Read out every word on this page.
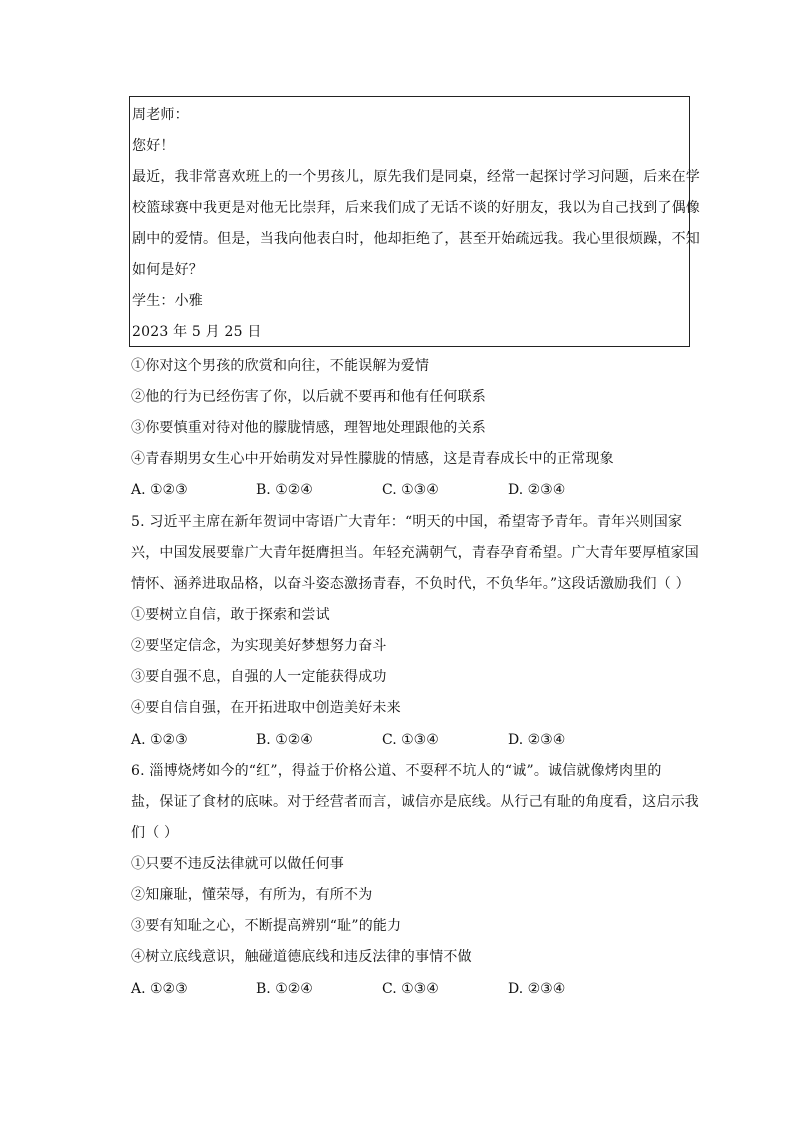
周老师：
您好！
最近，我非常喜欢班上的一个男孩儿，原先我们是同桌，经常一起探讨学习问题，后来在学
校篮球赛中我更是对他无比崇拜，后来我们成了无话不谈的好朋友，我以为自己找到了偶像
剧中的爱情。但是，当我向他表白时，他却拒绝了，甚至开始疏远我。我心里很烦躁，不知
如何是好？
学生：小雅
2023 年 5 月 25 日
①你对这个男孩的欣赏和向往，不能误解为爱情
②他的行为已经伤害了你，以后就不要再和他有任何联系
③你要慎重对待对他的朦胧情感，理智地处理跟他的关系
④青春期男女生心中开始萌发对异性朦胧的情感，这是青春成长中的正常现象
A. ①②③	B. ①②④	C. ①③④	D. ②③④
5. 习近平主席在新年贺词中寄语广大青年：“明天的中国，希望寄予青年。青年兴则国家
兴，中国发展要靠广大青年挺膺担当。年轻充满朝气，青春孕育希望。广大青年要厚植家国
情怀、涵养进取品格，以奋斗姿态激扬青春，不负时代，不负华年。”这段话激励我们（ ）
①要树立自信，敢于探索和尝试
②要坚定信念，为实现美好梦想努力奋斗
③要自强不息，自强的人一定能获得成功
④要自信自强，在开拓进取中创造美好未来
A. ①②③	B. ①②④	C. ①③④	D. ②③④
6. 淄博烧烤如今的“红”，得益于价格公道、不耍秤不坑人的“诚”。诚信就像烤肉里的
盐，保证了食材的底味。对于经营者而言，诚信亦是底线。从行己有耻的角度看，这启示我
们（ ）
①只要不违反法律就可以做任何事
②知廉耻，懂荣辱，有所为，有所不为
③要有知耻之心，不断提高辨别“耻”的能力
④树立底线意识，触碰道德底线和违反法律的事情不做
A. ①②③	B. ①②④	C. ①③④	D. ②③④
